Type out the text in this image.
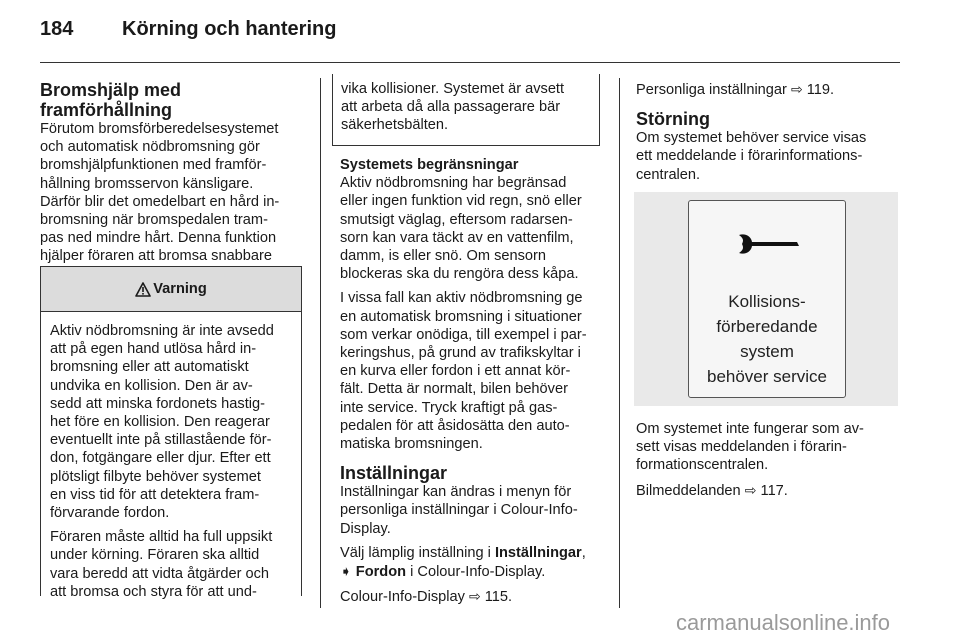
184 Körning och hantering
Bromshjälp med framförhållning
Förutom bromsförberedelsesystemet
och automatisk nödbromsning gör
bromshjälpfunktionen med framför-
hållning bromsservon känsligare.
Därför blir det omedelbart en hård in-
bromsning när bromspedalen tram-
pas ned mindre hårt. Denna funktion
hjälper föraren att bromsa snabbare
Varning

Aktiv nödbromsning är inte avsedd
att på egen hand utlösa hård in-
bromsning eller att automatiskt
undvika en kollision. Den är av-
sedd att minska fordonets hastig-
het före en kollision. Den reagerar
eventuellt inte på stillastående för-
don, fotgängare eller djur. Efter ett
plötsligt filbyte behöver systemet
en viss tid för att detektera fram-
förvarande fordon.

Föraren måste alltid ha full uppsikt
under körning. Föraren ska alltid
vara beredd att vidta åtgärder och
att bromsa och styra för att und-

vika kollisioner. Systemet är avsett
att arbeta då alla passagerare bär
säkerhetsbälten.
Systemets begränsningar

Aktiv nödbromsning har begränsad
eller ingen funktion vid regn, snö eller
smutsigt väglag, eftersom radarsen-
sorn kan vara täckt av en vattenfilm,
damm, is eller snö. Om sensorn
blockeras ska du rengöra dess kåpa.

I vissa fall kan aktiv nödbromsning ge
en automatisk bromsning i situationer
som verkar onödiga, till exempel i par-
keringshus, på grund av trafikskyltar i
en kurva eller fordon i ett annat kör-
fält. Detta är normalt, bilen behöver
inte service. Tryck kraftigt på gas-
pedalen för att åsidosätta den auto-
matiska bromsningen.

Inställningar

Inställningar kan ändras i menyn för
personliga inställningar i Colour-Info-
Display.

Välj lämplig inställning i Inställningar,
➧ Fordon i Colour-Info-Display.

Colour-Info-Display ⇨ 115.

Personliga inställningar ⇨ 119.

Störning

Om systemet behöver service visas
ett meddelande i förarinformations-
centralen.

Kollisions-
förberedande
system
behöver service

Om systemet inte fungerar som av-
sett visas meddelanden i förarin-
formationscentralen.

Bilmeddelanden ⇨ 117.

carmanualsonline.info
